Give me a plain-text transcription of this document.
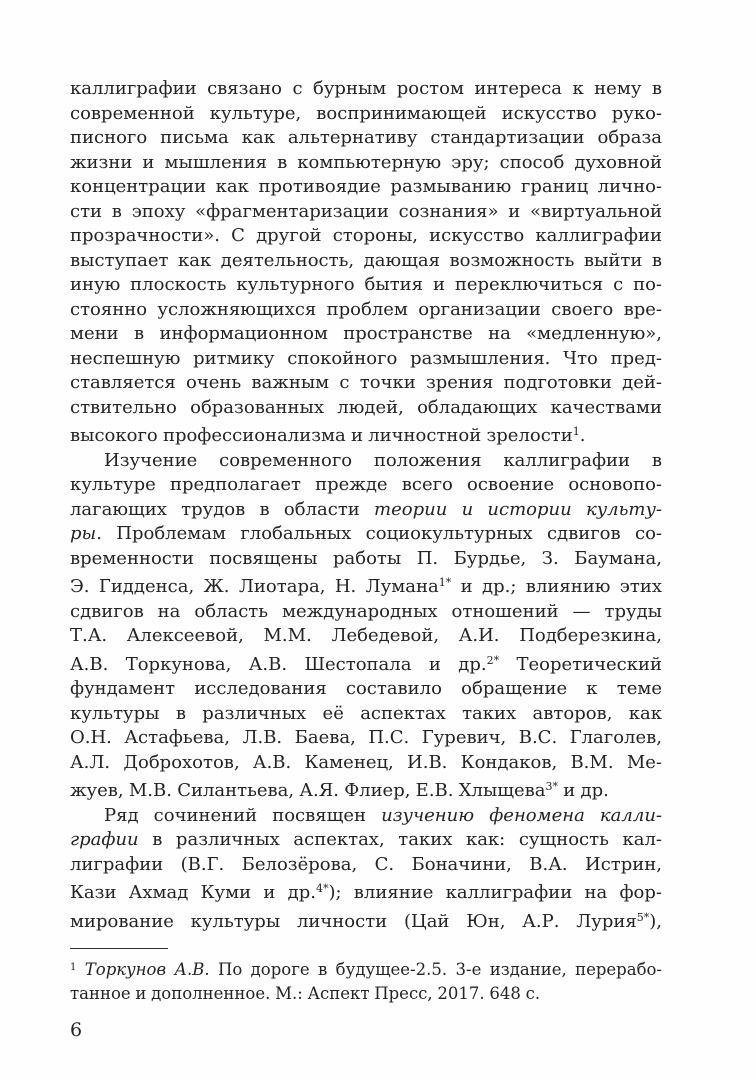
каллиграфии связано с бурным ростом интереса к нему в
современной культуре, воспринимающей искусство руко-
писного письма как альтернативу стандартизации образа
жизни и мышления в компьютерную эру; способ духовной
концентрации как противоядие размыванию границ лично-
сти в эпоху «фрагментаризации сознания» и «виртуальной
прозрачности». С другой стороны, искусство каллиграфии
выступает как деятельность, дающая возможность выйти в
иную плоскость культурного бытия и переключиться с по-
стоянно усложняющихся проблем организации своего вре-
мени в информационном пространстве на «медленную»,
неспешную ритмику спокойного размышления. Что пред-
ставляется очень важным с точки зрения подготовки дей-
ствительно образованных людей, обладающих качествами
высокого профессионализма и личностной зрелости$^1$.
Изучение современного положения каллиграфии в
культуре предполагает прежде всего освоение основопо-
лагающих трудов в области теории и истории культу-
ры. Проблемам глобальных социокультурных сдвигов со-
временности посвящены работы П. Бурдье, З. Баумана,
Э. Гидденса, Ж. Лиотара, Н. Лумана$^{1*}$ и др.; влиянию этих
сдвигов на область международных отношений — труды
Т.А. Алексеевой, М.М. Лебедевой, А.И. Подберезкина,
А.В. Торкунова, А.В. Шестопала и др.$^{2*}$ Теоретический
фундамент исследования составило обращение к теме
культуры в различных её аспектах таких авторов, как
О.Н. Астафьева, Л.В. Баева, П.С. Гуревич, В.С. Глаголев,
А.Л. Доброхотов, А.В. Каменец, И.В. Кондаков, В.М. Ме-
жуев, М.В. Силантьева, А.Я. Флиер, Е.В. Хлыщева$^{3*}$ и др.
Ряд сочинений посвящен изучению феномена калли-
графии в различных аспектах, таких как: сущность кал-
лиграфии (В.Г. Белозёрова, С. Боначини, В.А. Истрин,
Кази Ахмад Куми и др.$^{4*}$); влияние каллиграфии на фор-
мирование культуры личности (Цай Юн, А.Р. Лурия$^{5*}$),
$^1$ Торкунов А.В. По дороге в будущее-2.5. 3-е издание, перерабо-
танное и дополненное. М.: Аспект Пресс, 2017. 648 с.
6
